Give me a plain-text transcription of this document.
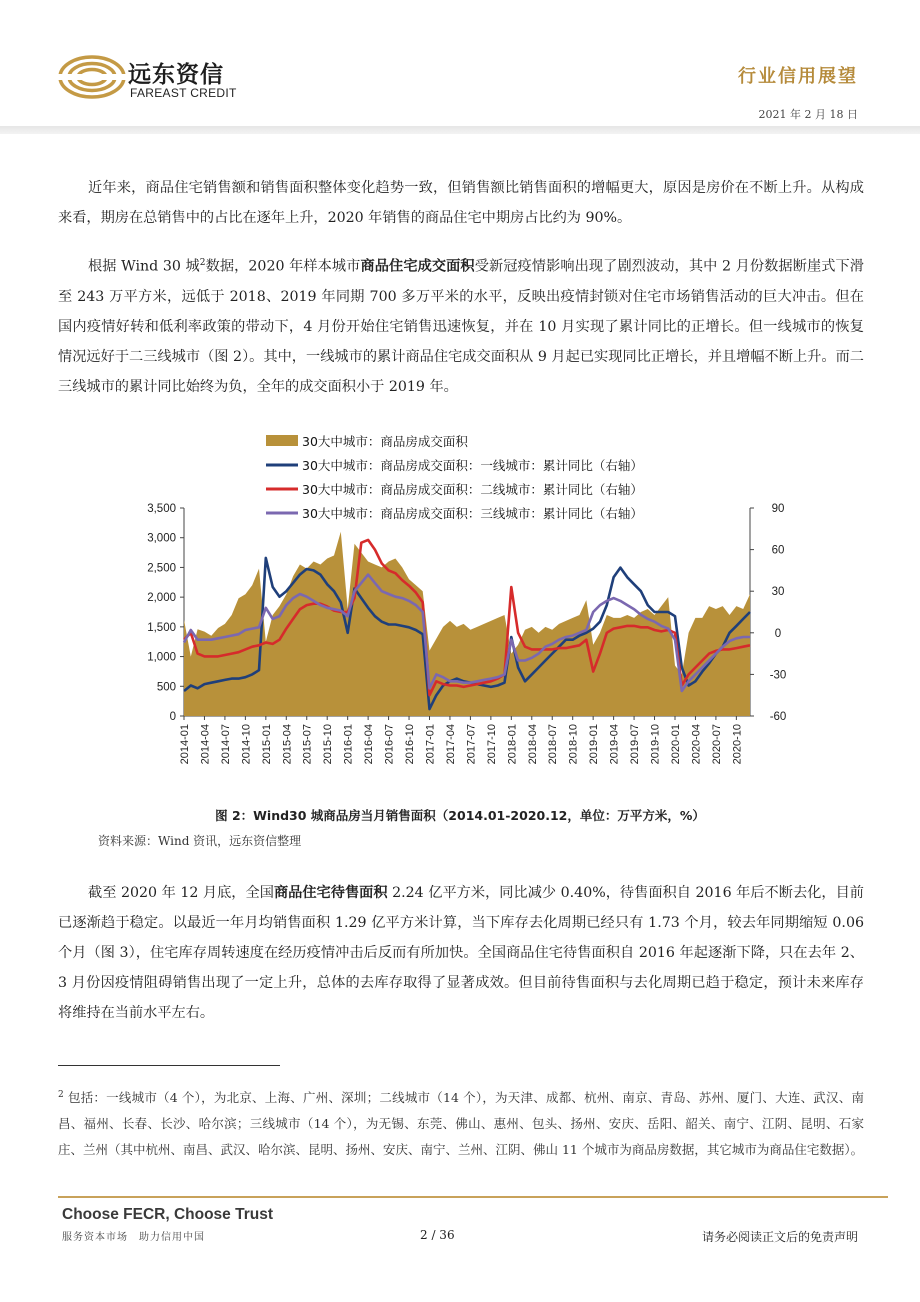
远东资信
FAREAST CREDIT
行业信用展望
2021 年 2 月 18 日

近年来，商品住宅销售额和销售面积整体变化趋势一致，但销售额比销售面积的增幅更大，原因是房价在不断上升。从构成来看，期房在总销售中的占比在逐年上升，2020 年销售的商品住宅中期房占比约为 90%。

根据 Wind 30 城$^2$数据，2020 年样本城市商品住宅成交面积受新冠疫情影响出现了剧烈波动，其中 2 月份数据断崖式下滑至 243 万平方米，远低于 2018、2019 年同期 700 多万平米的水平，反映出疫情封锁对住宅市场销售活动的巨大冲击。但在国内疫情好转和低利率政策的带动下，4 月份开始住宅销售迅速恢复，并在 10 月实现了累计同比的正增长。但一线城市的恢复情况远好于二三线城市（图 2）。其中，一线城市的累计商品住宅成交面积从 9 月起已实现同比正增长，并且增幅不断上升。而二三线城市的累计同比始终为负，全年的成交面积小于 2019 年。

30大中城市：商品房成交面积
30大中城市：商品房成交面积：一线城市：累计同比（右轴）
30大中城市：商品房成交面积：二线城市：累计同比（右轴）
30大中城市：商品房成交面积：三线城市：累计同比（右轴）
0
500
1,000
1,500
2,000
2,500
3,000
3,500
-60
-30
0
30
60
90
2014-01 2014-04 2014-07 2014-10 2015-01 2015-04 2015-07 2015-10 2016-01 2016-04 2016-07 2016-10 2017-01 2017-04 2017-07 2017-10 2018-01 2018-04 2018-07 2018-10 2019-01 2019-04 2019-07 2019-10 2020-01 2020-04 2020-07 2020-10
图 2：Wind30 城商品房当月销售面积（2014.01-2020.12，单位：万平方米，%）
资料来源：Wind 资讯，远东资信整理

截至 2020 年 12 月底，全国商品住宅待售面积 2.24 亿平方米，同比减少 0.40%，待售面积自 2016 年后不断去化，目前已逐渐趋于稳定。以最近一年月均销售面积 1.29 亿平方米计算，当下库存去化周期已经只有 1.73 个月，较去年同期缩短 0.06 个月（图 3），住宅库存周转速度在经历疫情冲击后反而有所加快。全国商品住宅待售面积自 2016 年起逐渐下降，只在去年 2、3 月份因疫情阻碍销售出现了一定上升，总体的去库存取得了显著成效。但目前待售面积与去化周期已趋于稳定，预计未来库存将维持在当前水平左右。

$^2$ 包括：一线城市（4 个），为北京、上海、广州、深圳；二线城市（14 个），为天津、成都、杭州、南京、青岛、苏州、厦门、大连、武汉、南昌、福州、长春、长沙、哈尔滨；三线城市（14 个），为无锡、东莞、佛山、惠州、包头、扬州、安庆、岳阳、韶关、南宁、江阴、昆明、石家庄、兰州（其中杭州、南昌、武汉、哈尔滨、昆明、扬州、安庆、南宁、兰州、江阴、佛山 11 个城市为商品房数据，其它城市为商品住宅数据）。
Choose FECR, Choose Trust
服务资本市场　助力信用中国	2 / 36	请务必阅读正文后的免责声明
